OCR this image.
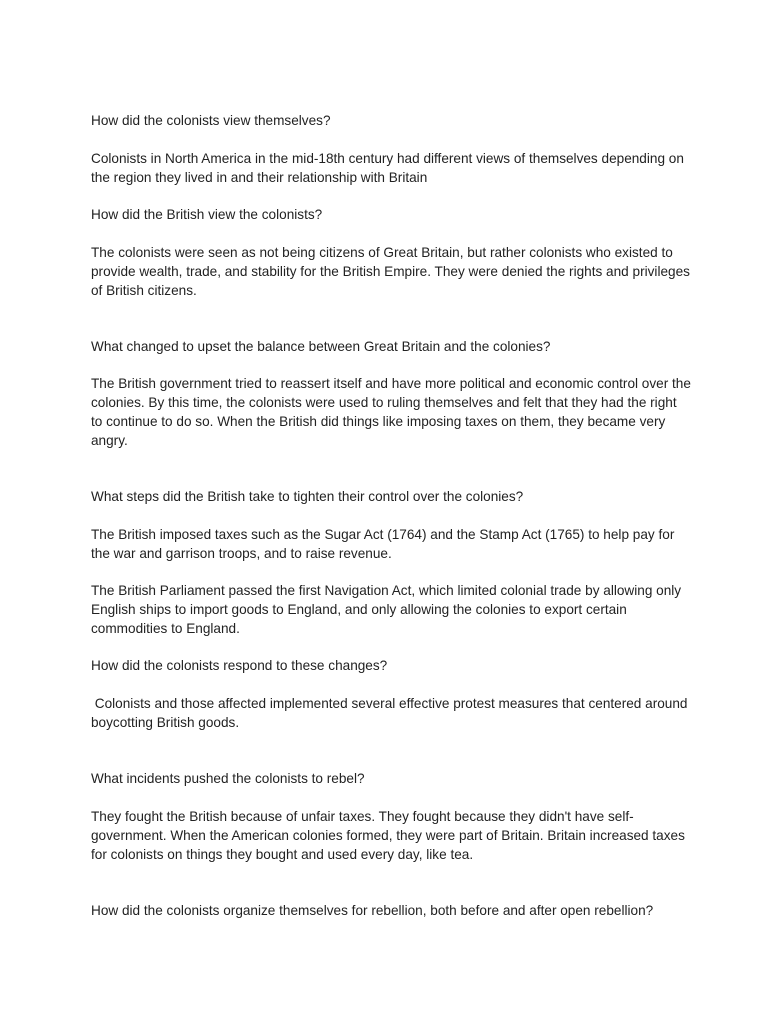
How did the colonists view themselves?

Colonists in North America in the mid-18th century had different views of themselves depending on the region they lived in and their relationship with Britain

How did the British view the colonists?

The colonists were seen as not being citizens of Great Britain, but rather colonists who existed to provide wealth, trade, and stability for the British Empire. They were denied the rights and privileges of British citizens.

What changed to upset the balance between Great Britain and the colonies?

The British government tried to reassert itself and have more political and economic control over the colonies. By this time, the colonists were used to ruling themselves and felt that they had the right to continue to do so. When the British did things like imposing taxes on them, they became very angry.

What steps did the British take to tighten their control over the colonies?

The British imposed taxes such as the Sugar Act (1764) and the Stamp Act (1765) to help pay for the war and garrison troops, and to raise revenue.

The British Parliament passed the first Navigation Act, which limited colonial trade by allowing only English ships to import goods to England, and only allowing the colonies to export certain commodities to England.

How did the colonists respond to these changes?

Colonists and those affected implemented several effective protest measures that centered around boycotting British goods.

What incidents pushed the colonists to rebel?

They fought the British because of unfair taxes. They fought because they didn't have self-government. When the American colonies formed, they were part of Britain. Britain increased taxes for colonists on things they bought and used every day, like tea.

How did the colonists organize themselves for rebellion, both before and after open rebellion?
